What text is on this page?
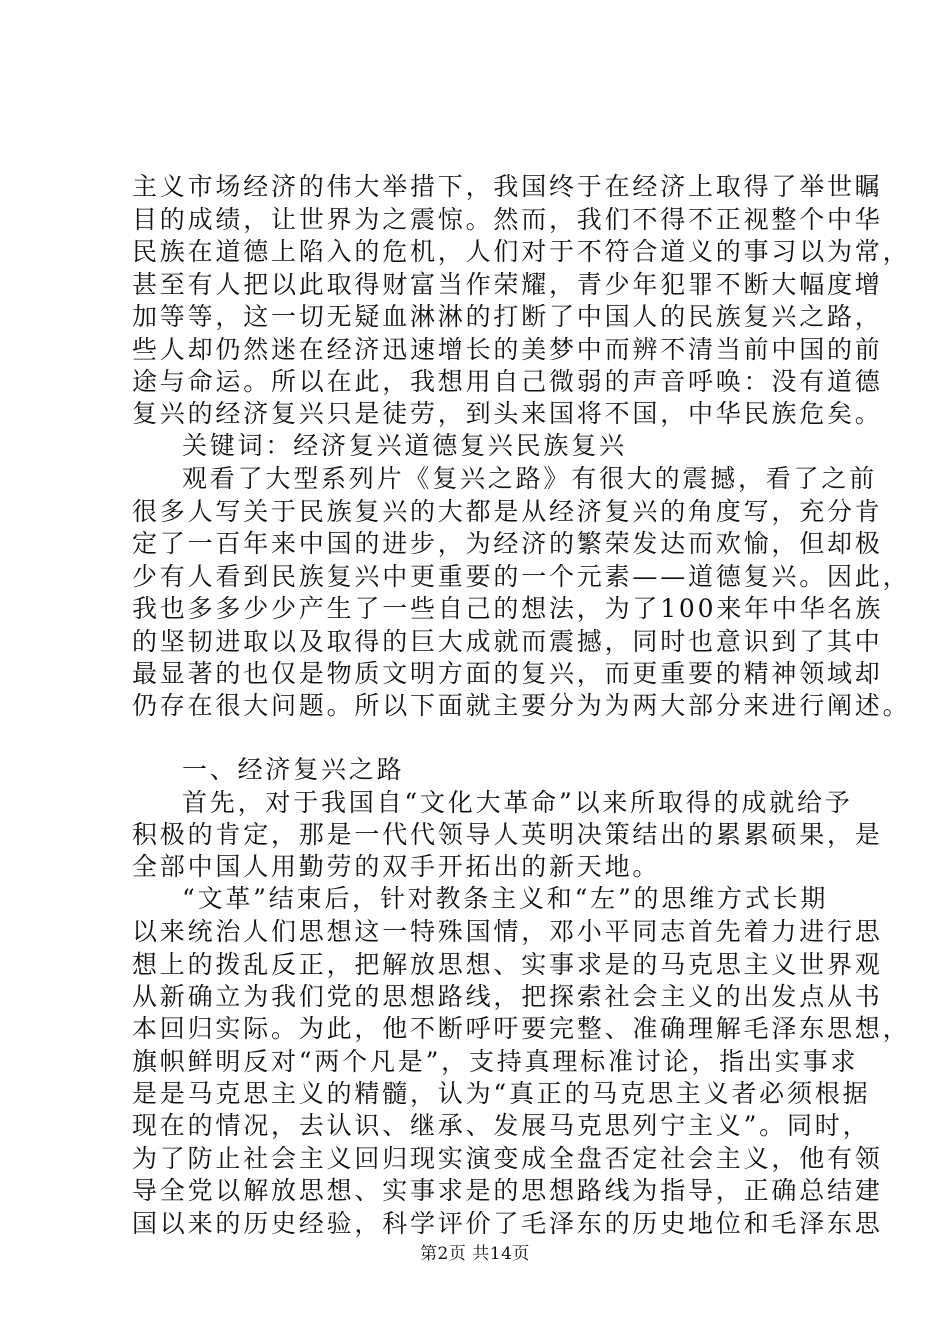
主义市场经济的伟大举措下，我国终于在经济上取得了举世瞩
目的成绩，让世界为之震惊。然而，我们不得不正视整个中华
民族在道德上陷入的危机，人们对于不符合道义的事习以为常，
甚至有人把以此取得财富当作荣耀，青少年犯罪不断大幅度增
加等等，这一切无疑血淋淋的打断了中国人的民族复兴之路，
些人却仍然迷在经济迅速增长的美梦中而辨不清当前中国的前
途与命运。所以在此，我想用自己微弱的声音呼唤：没有道德
复兴的经济复兴只是徒劳，到头来国将不国，中华民族危矣。
关键词：经济复兴道德复兴民族复兴
观看了大型系列片《复兴之路》有很大的震撼，看了之前
很多人写关于民族复兴的大都是从经济复兴的角度写，充分肯
定了一百年来中国的进步，为经济的繁荣发达而欢愉，但却极
少有人看到民族复兴中更重要的一个元素——道德复兴。因此，
我也多多少少产生了一些自己的想法，为了100来年中华名族
的坚韧进取以及取得的巨大成就而震撼，同时也意识到了其中
最显著的也仅是物质文明方面的复兴，而更重要的精神领域却
仍存在很大问题。所以下面就主要分为为两大部分来进行阐述。
一、经济复兴之路
首先，对于我国自“文化大革命”以来所取得的成就给予
积极的肯定，那是一代代领导人英明决策结出的累累硕果，是
全部中国人用勤劳的双手开拓出的新天地。
“文革”结束后，针对教条主义和“左”的思维方式长期
以来统治人们思想这一特殊国情，邓小平同志首先着力进行思
想上的拨乱反正，把解放思想、实事求是的马克思主义世界观
从新确立为我们党的思想路线，把探索社会主义的出发点从书
本回归实际。为此，他不断呼吁要完整、准确理解毛泽东思想，
旗帜鲜明反对“两个凡是”，支持真理标准讨论，指出实事求
是是马克思主义的精髓，认为“真正的马克思主义者必须根据
现在的情况，去认识、继承、发展马克思列宁主义”。同时，
为了防止社会主义回归现实演变成全盘否定社会主义，他有领
导全党以解放思想、实事求是的思想路线为指导，正确总结建
国以来的历史经验，科学评价了毛泽东的历史地位和毛泽东思
第2页 共14页
